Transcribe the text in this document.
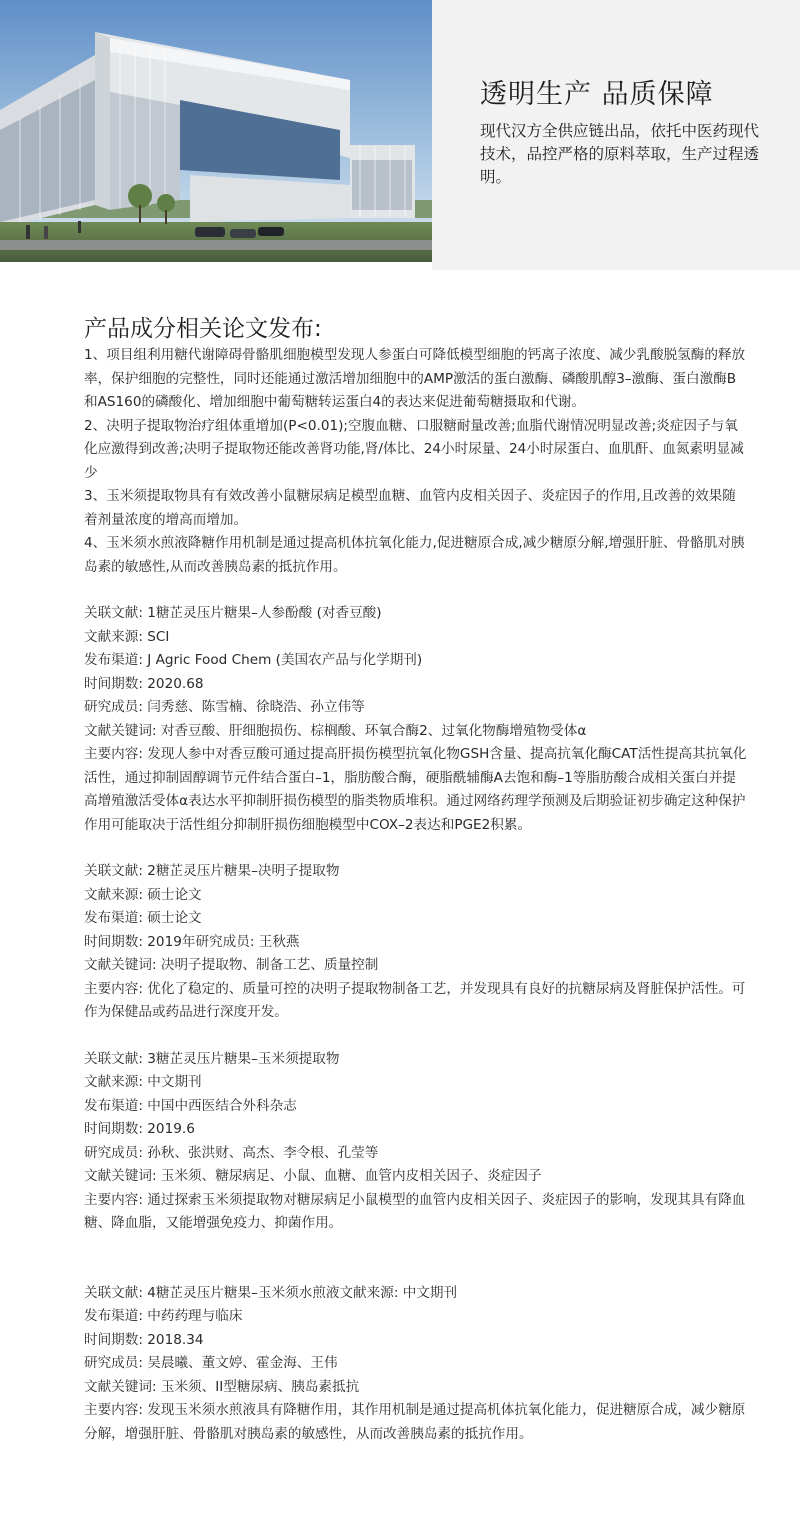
透明生产 品质保障
现代汉方全供应链出品，依托中医药现代技术，品控严格的原料萃取，生产过程透明。
产品成分相关论文发布:

1、项目组利用糖代谢障碍骨骼肌细胞模型发现人参蛋白可降低模型细胞的钙离子浓度、减少乳酸脱氢酶的释放率，保护细胞的完整性，同时还能通过激活增加细胞中的AMP激活的蛋白激酶、磷酸肌醇3–激酶、蛋白激酶B和AS160的磷酸化、增加细胞中葡萄糖转运蛋白4的表达来促进葡萄糖摄取和代谢。

2、决明子提取物治疗组体重增加(P<0.01);空腹血糖、口服糖耐量改善;血脂代谢情况明显改善;炎症因子与氧化应激得到改善;决明子提取物还能改善肾功能,肾/体比、24小时尿量、24小时尿蛋白、血肌酐、血氮素明显减少

3、玉米须提取物具有有效改善小鼠糖尿病足模型血糖、血管内皮相关因子、炎症因子的作用,且改善的效果随着剂量浓度的增高而增加。

4、玉米须水煎液降糖作用机制是通过提高机体抗氧化能力,促进糖原合成,减少糖原分解,增强肝脏、骨骼肌对胰岛素的敏感性,从而改善胰岛素的抵抗作用。

关联文献: 1糖芷灵压片糖果–人参酚酸 (对香豆酸)

文献来源: SCI

发布渠道: J Agric Food Chem (美国农产品与化学期刊)

时间期数: 2020.68

研究成员: 闫秀慈、陈雪楠、徐晓浩、孙立伟等

文献关键词: 对香豆酸、肝细胞损伤、棕榈酸、环氧合酶2、过氧化物酶增殖物受体α

主要内容: 发现人参中对香豆酸可通过提高肝损伤模型抗氧化物GSH含量、提高抗氧化酶CAT活性提高其抗氧化活性，通过抑制固醇调节元件结合蛋白–1，脂肪酸合酶，硬脂酰辅酶A去饱和酶–1等脂肪酸合成相关蛋白并提高增殖激活受体α表达水平抑制肝损伤模型的脂类物质堆积。通过网络药理学预测及后期验证初步确定这种保护作用可能取决于活性组分抑制肝损伤细胞模型中COX–2表达和PGE2积累。

关联文献: 2糖芷灵压片糖果–决明子提取物

文献来源: 硕士论文

发布渠道: 硕士论文

时间期数: 2019年研究成员: 王秋燕

文献关键词: 决明子提取物、制备工艺、质量控制

主要内容: 优化了稳定的、质量可控的决明子提取物制备工艺，并发现具有良好的抗糖尿病及肾脏保护活性。可作为保健品或药品进行深度开发。

关联文献: 3糖芷灵压片糖果–玉米须提取物

文献来源: 中文期刊

发布渠道: 中国中西医结合外科杂志

时间期数: 2019.6

研究成员: 孙秋、张洪财、高杰、李令根、孔莹等

文献关键词: 玉米须、糖尿病足、小鼠、血糖、血管内皮相关因子、炎症因子

主要内容: 通过探索玉米须提取物对糖尿病足小鼠模型的血管内皮相关因子、炎症因子的影响，发现其具有降血糖、降血脂，又能增强免疫力、抑菌作用。

关联文献: 4糖芷灵压片糖果–玉米须水煎液文献来源: 中文期刊

发布渠道: 中药药理与临床

时间期数: 2018.34

研究成员: 吴晨曦、董文婷、霍金海、王伟

文献关键词: 玉米须、II型糖尿病、胰岛素抵抗

主要内容: 发现玉米须水煎液具有降糖作用，其作用机制是通过提高机体抗氧化能力，促进糖原合成，减少糖原分解，增强肝脏、骨骼肌对胰岛素的敏感性，从而改善胰岛素的抵抗作用。
